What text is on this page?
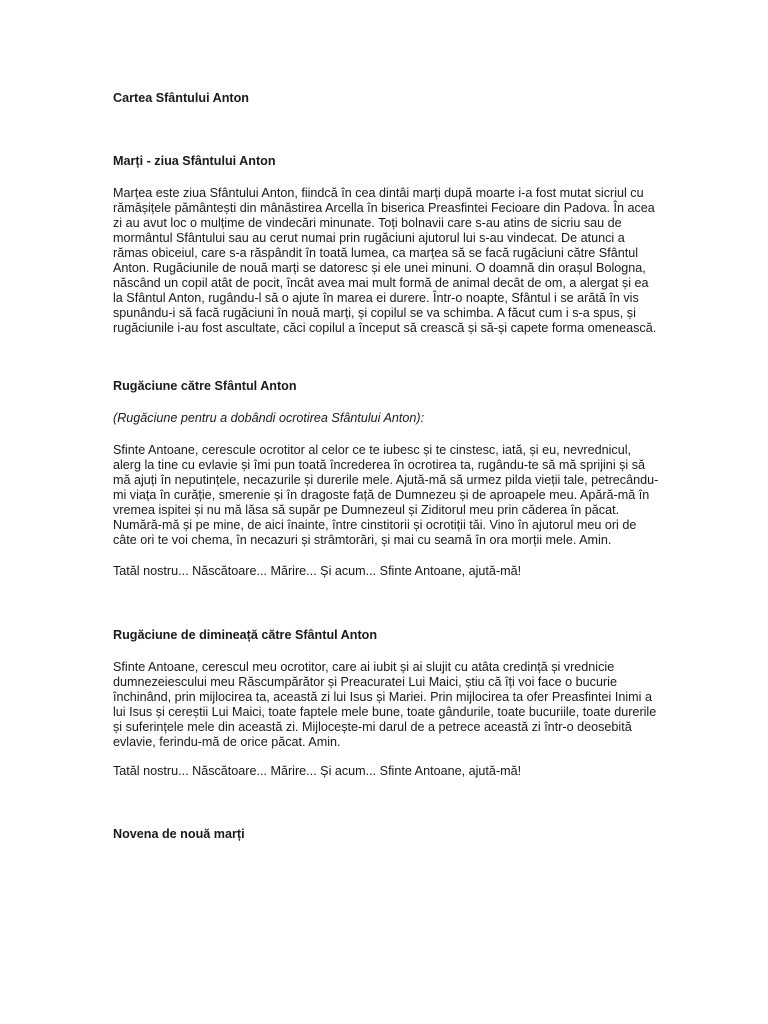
Cartea Sfântului Anton

Marți - ziua Sfântului Anton

Marțea este ziua Sfântului Anton, fiindcă în cea dintâi marți după moarte i-a fost mutat sicriul cu rămășițele pământești din mânăstirea Arcella în biserica Preasfintei Fecioare din Padova. În acea zi au avut loc o mulțime de vindecări minunate. Toți bolnavii care s-au atins de sicriu sau de mormântul Sfântului sau au cerut numai prin rugăciuni ajutorul lui s-au vindecat. De atunci a rămas obiceiul, care s-a răspândit în toată lumea, ca marțea să se facă rugăciuni către Sfântul Anton. Rugăciunile de nouă marți se datoresc și ele unei minuni. O doamnă din orașul Bologna, născând un copil atât de pocit, încât avea mai mult formă de animal decât de om, a alergat și ea la Sfântul Anton, rugându-l să o ajute în marea ei durere. Într-o noapte, Sfântul i se arătă în vis spunându-i să facă rugăciuni în nouă marți, și copilul se va schimba. A făcut cum i s-a spus, și rugăciunile i-au fost ascultate, căci copilul a început să crească și să-și capete forma omenească.

Rugăciune către Sfântul Anton

(Rugăciune pentru a dobândi ocrotirea Sfântului Anton):

Sfinte Antoane, cerescule ocrotitor al celor ce te iubesc și te cinstesc, iată, și eu, nevrednicul, alerg la tine cu evlavie și îmi pun toată încrederea în ocrotirea ta, rugându-te să mă sprijini și să mă ajuți în neputințele, necazurile și durerile mele. Ajută-mă să urmez pilda vieții tale, petrecându-mi viața în curăție, smerenie și în dragoste față de Dumnezeu și de aproapele meu. Apără-mă în vremea ispitei și nu mă lăsa să supăr pe Dumnezeul și Ziditorul meu prin căderea în păcat. Numără-mă și pe mine, de aici înainte, între cinstitorii și ocrotiții tăi. Vino în ajutorul meu ori de câte ori te voi chema, în necazuri și strâmtorări, și mai cu seamă în ora morții mele. Amin.

Tatăl nostru... Născătoare... Mărire... Și acum... Sfinte Antoane, ajută-mă!

Rugăciune de dimineață către Sfântul Anton

Sfinte Antoane, cerescul meu ocrotitor, care ai iubit și ai slujit cu atâta credință și vrednicie dumnezeiescului meu Răscumpărător și Preacuratei Lui Maici, știu că îți voi face o bucurie închinând, prin mijlocirea ta, această zi lui Isus și Mariei. Prin mijlocirea ta ofer Preasfintei Inimi a lui Isus și cereștii Lui Maici, toate faptele mele bune, toate gândurile, toate bucuriile, toate durerile și suferințele mele din această zi. Mijlocește-mi darul de a petrece această zi într-o deosebită evlavie, ferindu-mă de orice păcat. Amin.

Tatăl nostru... Născătoare... Mărire... Și acum... Sfinte Antoane, ajută-mă!

Novena de nouă marți
